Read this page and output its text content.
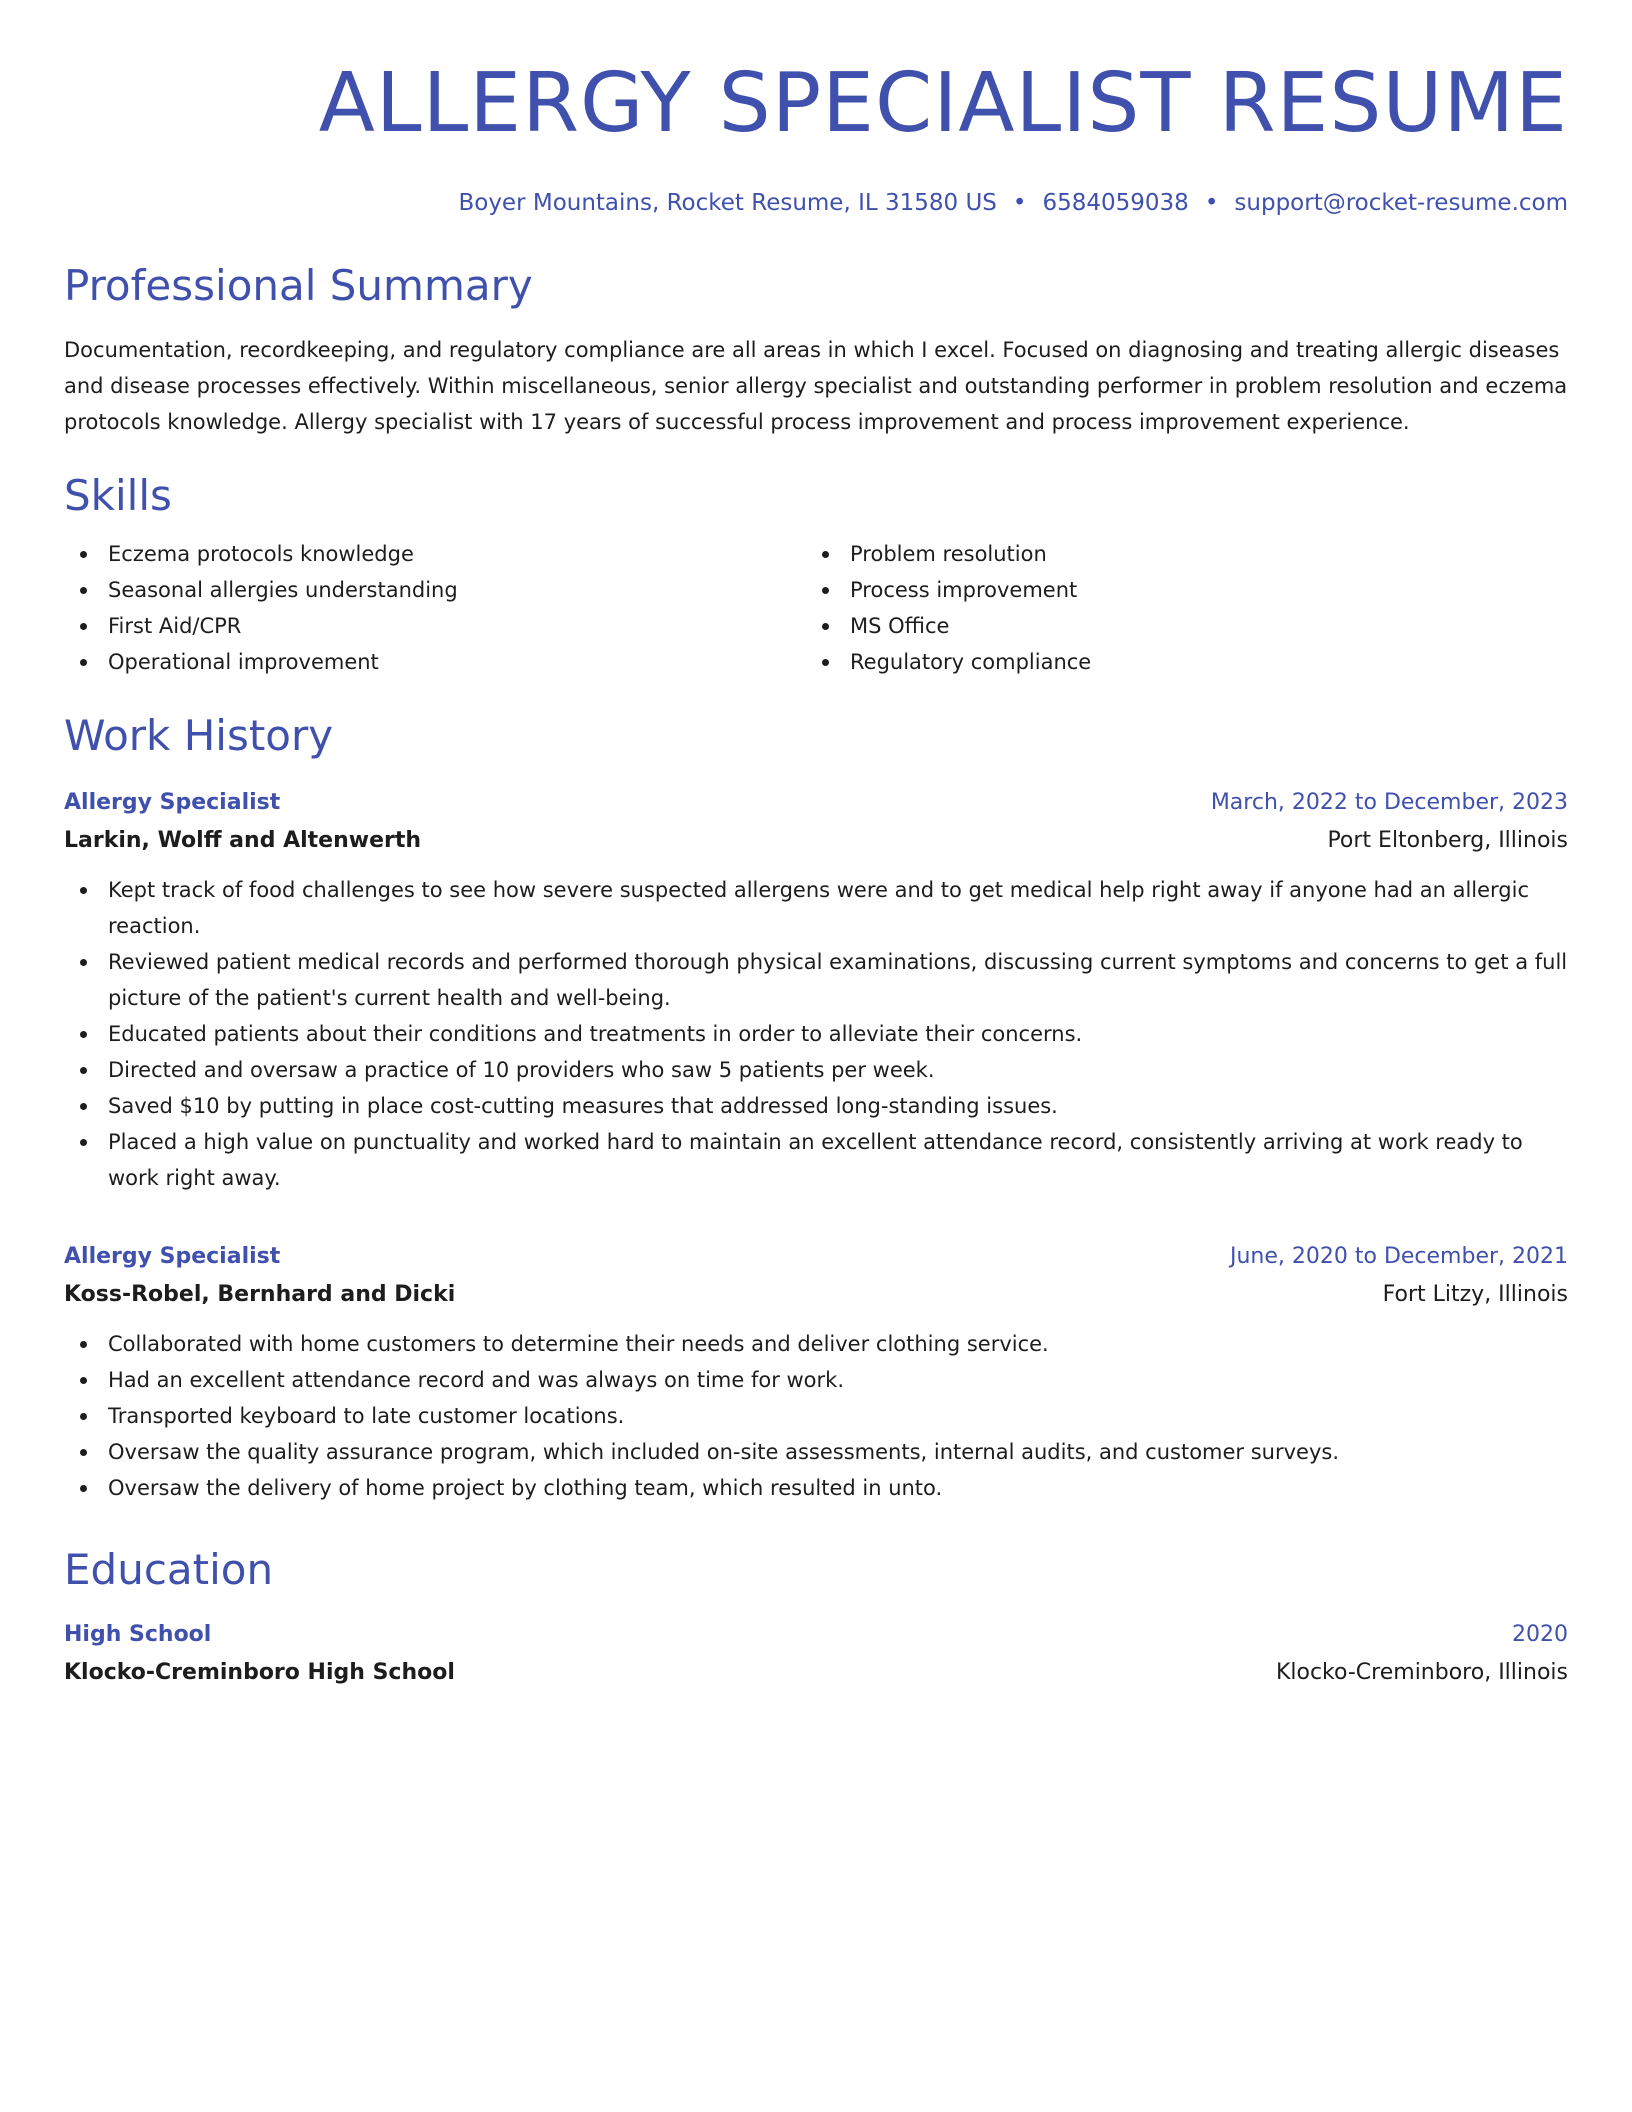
ALLERGY SPECIALIST RESUME
Boyer Mountains, Rocket Resume, IL 31580 US • 6584059038 • support@rocket-resume.com
Professional Summary
Documentation, recordkeeping, and regulatory compliance are all areas in which I excel. Focused on diagnosing and treating allergic diseases and disease processes effectively. Within miscellaneous, senior allergy specialist and outstanding performer in problem resolution and eczema protocols knowledge. Allergy specialist with 17 years of successful process improvement and process improvement experience.
Skills
Eczema protocols knowledge
Seasonal allergies understanding
First Aid/CPR
Operational improvement
Problem resolution
Process improvement
MS Office
Regulatory compliance
Work History
Allergy Specialist	March, 2022 to December, 2023
Larkin, Wolff and Altenwerth	Port Eltonberg, Illinois
Kept track of food challenges to see how severe suspected allergens were and to get medical help right away if anyone had an allergic reaction.
Reviewed patient medical records and performed thorough physical examinations, discussing current symptoms and concerns to get a full picture of the patient's current health and well-being.
Educated patients about their conditions and treatments in order to alleviate their concerns.
Directed and oversaw a practice of 10 providers who saw 5 patients per week.
Saved $10 by putting in place cost-cutting measures that addressed long-standing issues.
Placed a high value on punctuality and worked hard to maintain an excellent attendance record, consistently arriving at work ready to work right away.
Allergy Specialist	June, 2020 to December, 2021
Koss-Robel, Bernhard and Dicki	Fort Litzy, Illinois
Collaborated with home customers to determine their needs and deliver clothing service.
Had an excellent attendance record and was always on time for work.
Transported keyboard to late customer locations.
Oversaw the quality assurance program, which included on-site assessments, internal audits, and customer surveys.
Oversaw the delivery of home project by clothing team, which resulted in unto.
Education
High School	2020
Klocko-Creminboro High School	Klocko-Creminboro, Illinois
